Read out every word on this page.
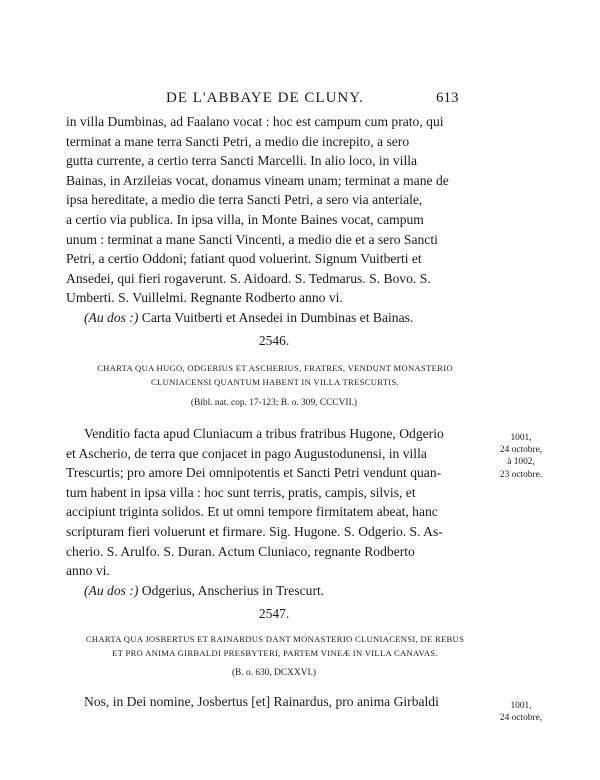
DE L'ABBAYE DE CLUNY.	613

in villa Dumbinas, ad Faalano vocat : hoc est campum cum prato, qui

terminat a mane terra Sancti Petri, a medio die increpito, a sero

gutta currente, a certio terra Sancti Marcelli. In alio loco, in villa

Bainas, in Arzileias vocat, donamus vineam unam; terminat a mane de

ipsa hereditate, a medio die terra Sancti Petri, a sero via anteriale,

a certio via publica. In ipsa villa, in Monte Baines vocat, campum

unum : terminat a mane Sancti Vincenti, a medio die et a sero Sancti

Petri, a certio Oddoni; fatiant quod voluerint. Signum Vuitberti et

Ansedei, qui fieri rogaverunt. S. Aidoard. S. Tedmarus. S. Bovo. S.

Umberti. S. Vuillelmi. Regnante Rodberto anno vi.

(Au dos :) Carta Vuitberti et Ansedei in Dumbinas et Bainas.

2546.
CHARTA QUA HUGO, ODGERIUS ET ASCHERIUS, FRATRES, VENDUNT MONASTERIO
CLUNIACENSI QUANTUM HABENT IN VILLA TRESCURTIS.
(Bibl. nat. cop. 17-123; B. o. 309, CCCVII.)
1001,
24 octobre,
à 1002,
23 octobre.

Venditio facta apud Cluniacum a tribus fratribus Hugone, Odgerio

et Ascherio, de terra que conjacet in pago Augustodunensi, in villa

Trescurtis; pro amore Dei omnipotentis et Sancti Petri vendunt quan-

tum habent in ipsa villa : hoc sunt terris, pratis, campis, silvis, et

accipiunt triginta solidos. Et ut omni tempore firmitatem abeat, hanc

scripturam fieri voluerunt et firmare. Sig. Hugone. S. Odgerio. S. As-

cherio. S. Arulfo. S. Duran. Actum Cluniaco, regnante Rodberto

anno vi.

(Au dos :) Odgerius, Anscherius in Trescurt.

2547.
CHARTA QUA JOSBERTUS ET RAINARDUS DANT MONASTERIO CLUNIACENSI, DE REBUS
ET PRO ANIMA GIRBALDI PRESBYTERI, PARTEM VINEÆ IN VILLA CANAVAS.
(B. o. 630, DCXXVI.)
1001,
24 octobre,

Nos, in Dei nomine, Josbertus [et] Rainardus, pro anima Girbaldi
